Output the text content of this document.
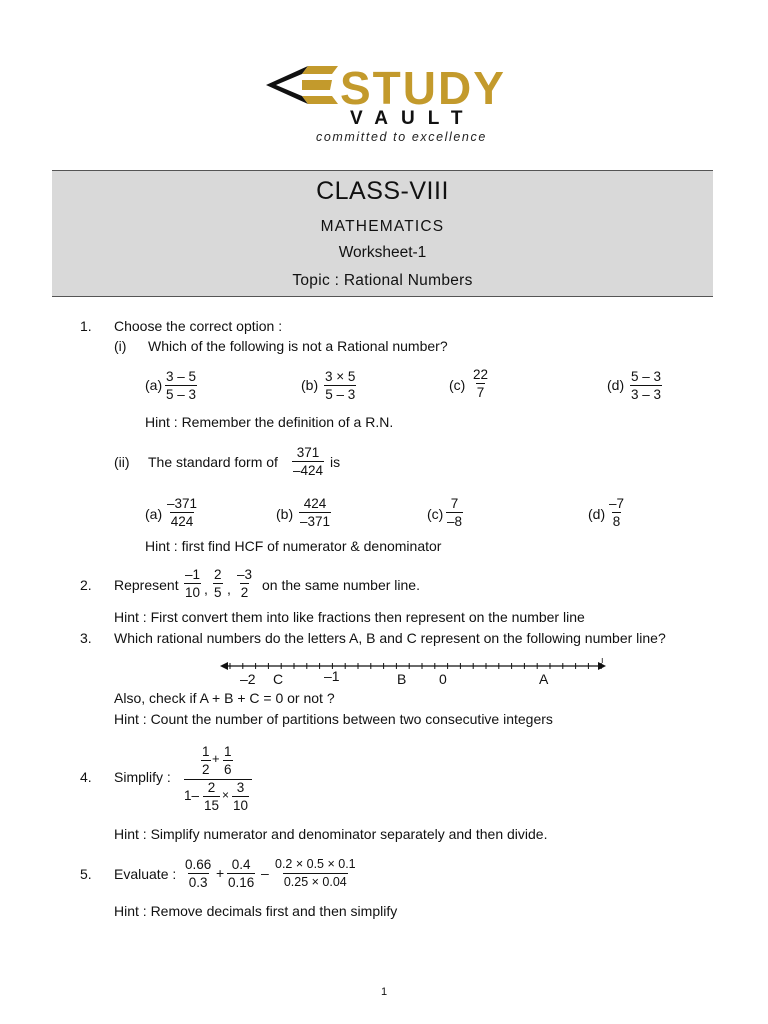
STUDY
VAULT
committed to excellence
CLASS-VIII
MATHEMATICS
Worksheet-1
Topic : Rational Numbers
1. Choose the correct option :
(i) Which of the following is not a Rational number?
$(a) \frac{3 - 5}{5 - 3}$	$(b) \frac{3 \times 5}{5 - 3}$	$(c) \frac{22}{7}$	$(d) \frac{5 - 3}{3 - 3}$
Hint : Remember the definition of a R.N.
(ii) The standard form of $\frac{371}{-424}$ is
$(a) \frac{-371}{424}$	$(b) \frac{424}{-371}$	$(c) \frac{7}{-8}$	$(d) \frac{-7}{8}$
Hint : first find HCF of numerator & denominator
2. Represent $\frac{-1}{10}$ , $\frac{2}{5}$ , $\frac{-3}{2}$ on the same number line.
Hint : First convert them into like fractions then represent on the number line
3. Which rational numbers do the letters A, B and C represent on the following number line?
ı
–2 C	–1	B 0	A
Also, check if A + B + C = 0 or not ?
Hint : Count the number of partitions between two consecutive integers
4. Simplify : $\frac{1}{2} + \frac{1}{6}$
$1- \frac{2}{15} \times \frac{3}{10}$
Hint : Simplify numerator and denominator separately and then divide.
5. Evaluate : $\frac{0.66}{0.3} + \frac{0.4}{0.16} - \frac{0.2 \times 0.5 \times 0.1}{0.25 \times 0.04}$
Hint : Remove decimals first and then simplify
1
